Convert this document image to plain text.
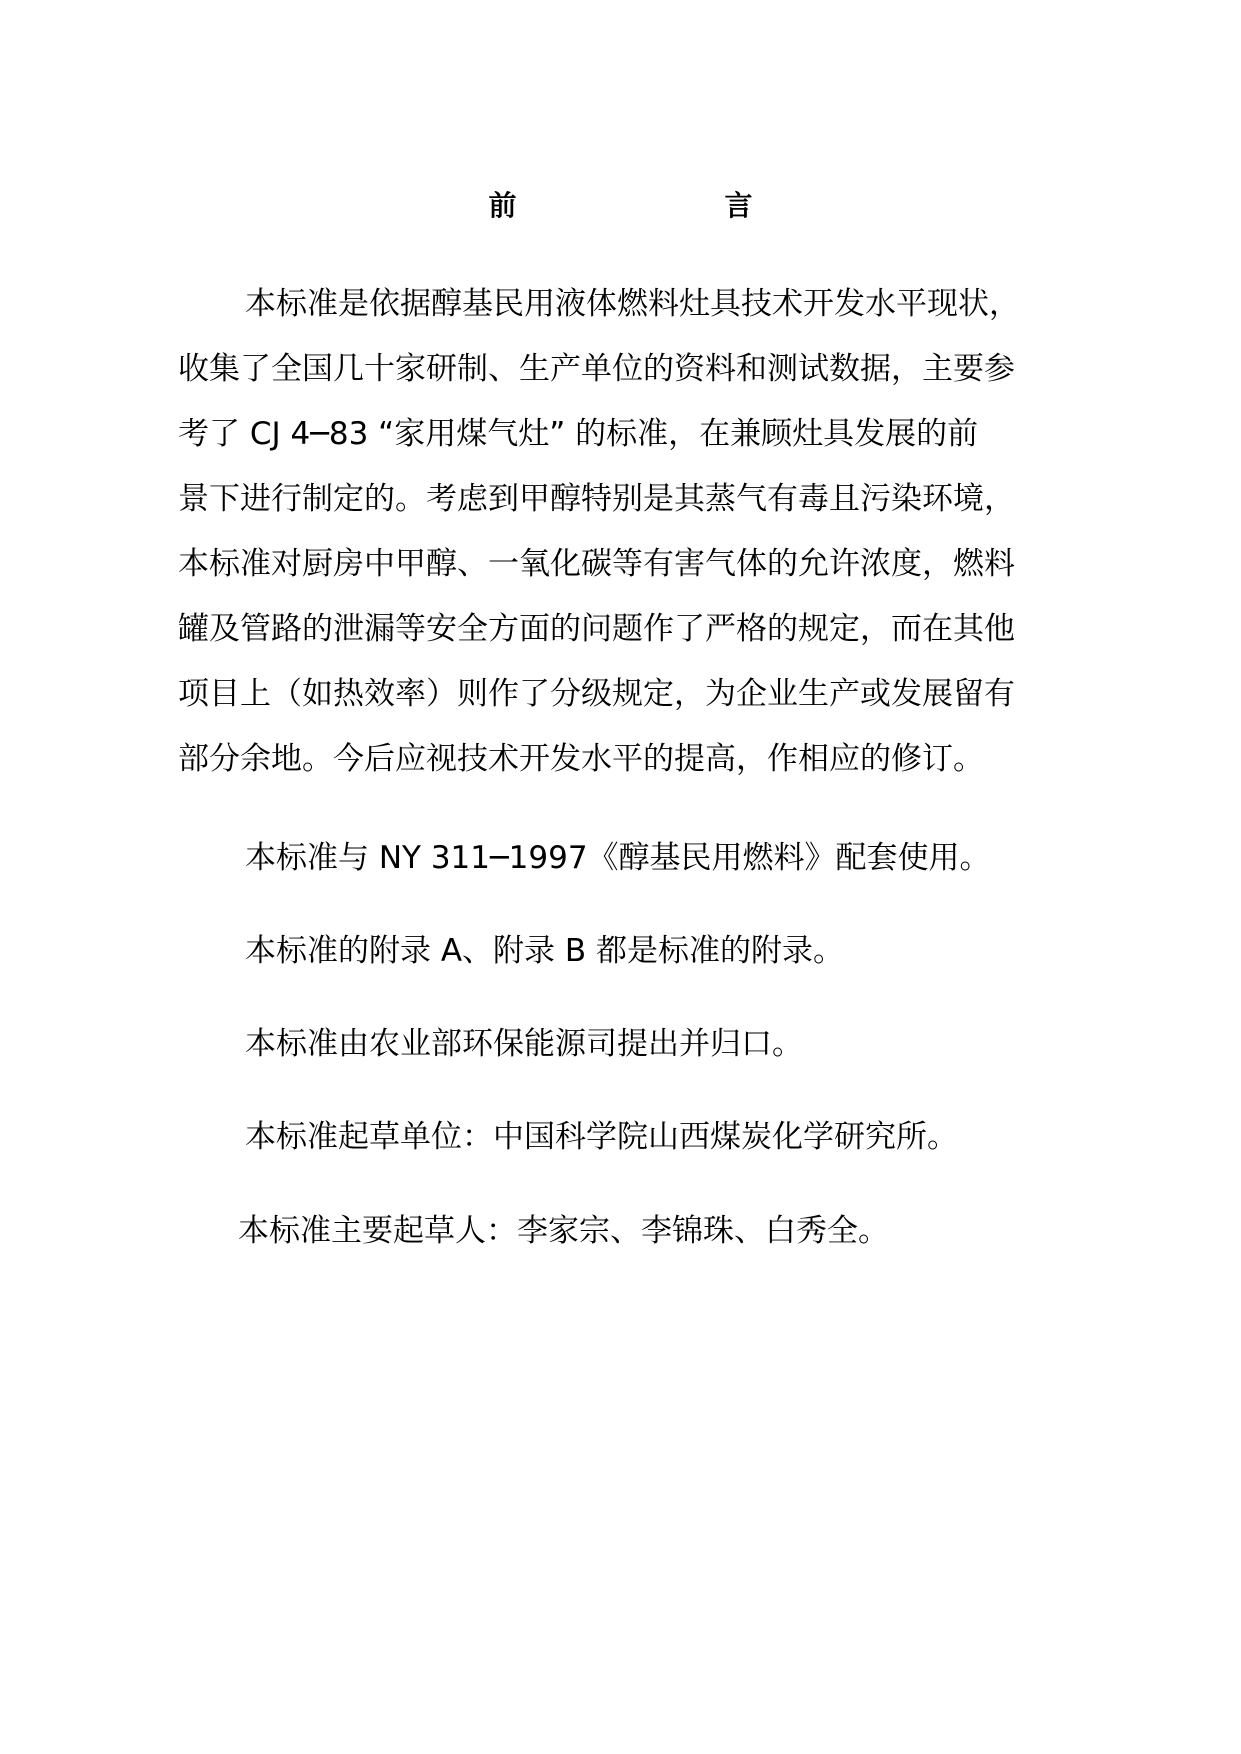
前　言
本标准是依据醇基民用液体燃料灶具技术开发水平现状，
收集了全国几十家研制、生产单位的资料和测试数据，主要参
考了 CJ 4─83 “家用煤气灶” 的标准，在兼顾灶具发展的前
景下进行制定的。考虑到甲醇特别是其蒸气有毒且污染环境，
本标准对厨房中甲醇、一氧化碳等有害气体的允许浓度，燃料
罐及管路的泄漏等安全方面的问题作了严格的规定，而在其他
项目上（如热效率）则作了分级规定，为企业生产或发展留有
部分余地。今后应视技术开发水平的提高，作相应的修订。
本标准与 NY 311─1997《醇基民用燃料》配套使用。
本标准的附录 A、附录 B 都是标准的附录。
本标准由农业部环保能源司提出并归口。
本标准起草单位：中国科学院山西煤炭化学研究所。
本标准主要起草人：李家宗、李锦珠、白秀全。
